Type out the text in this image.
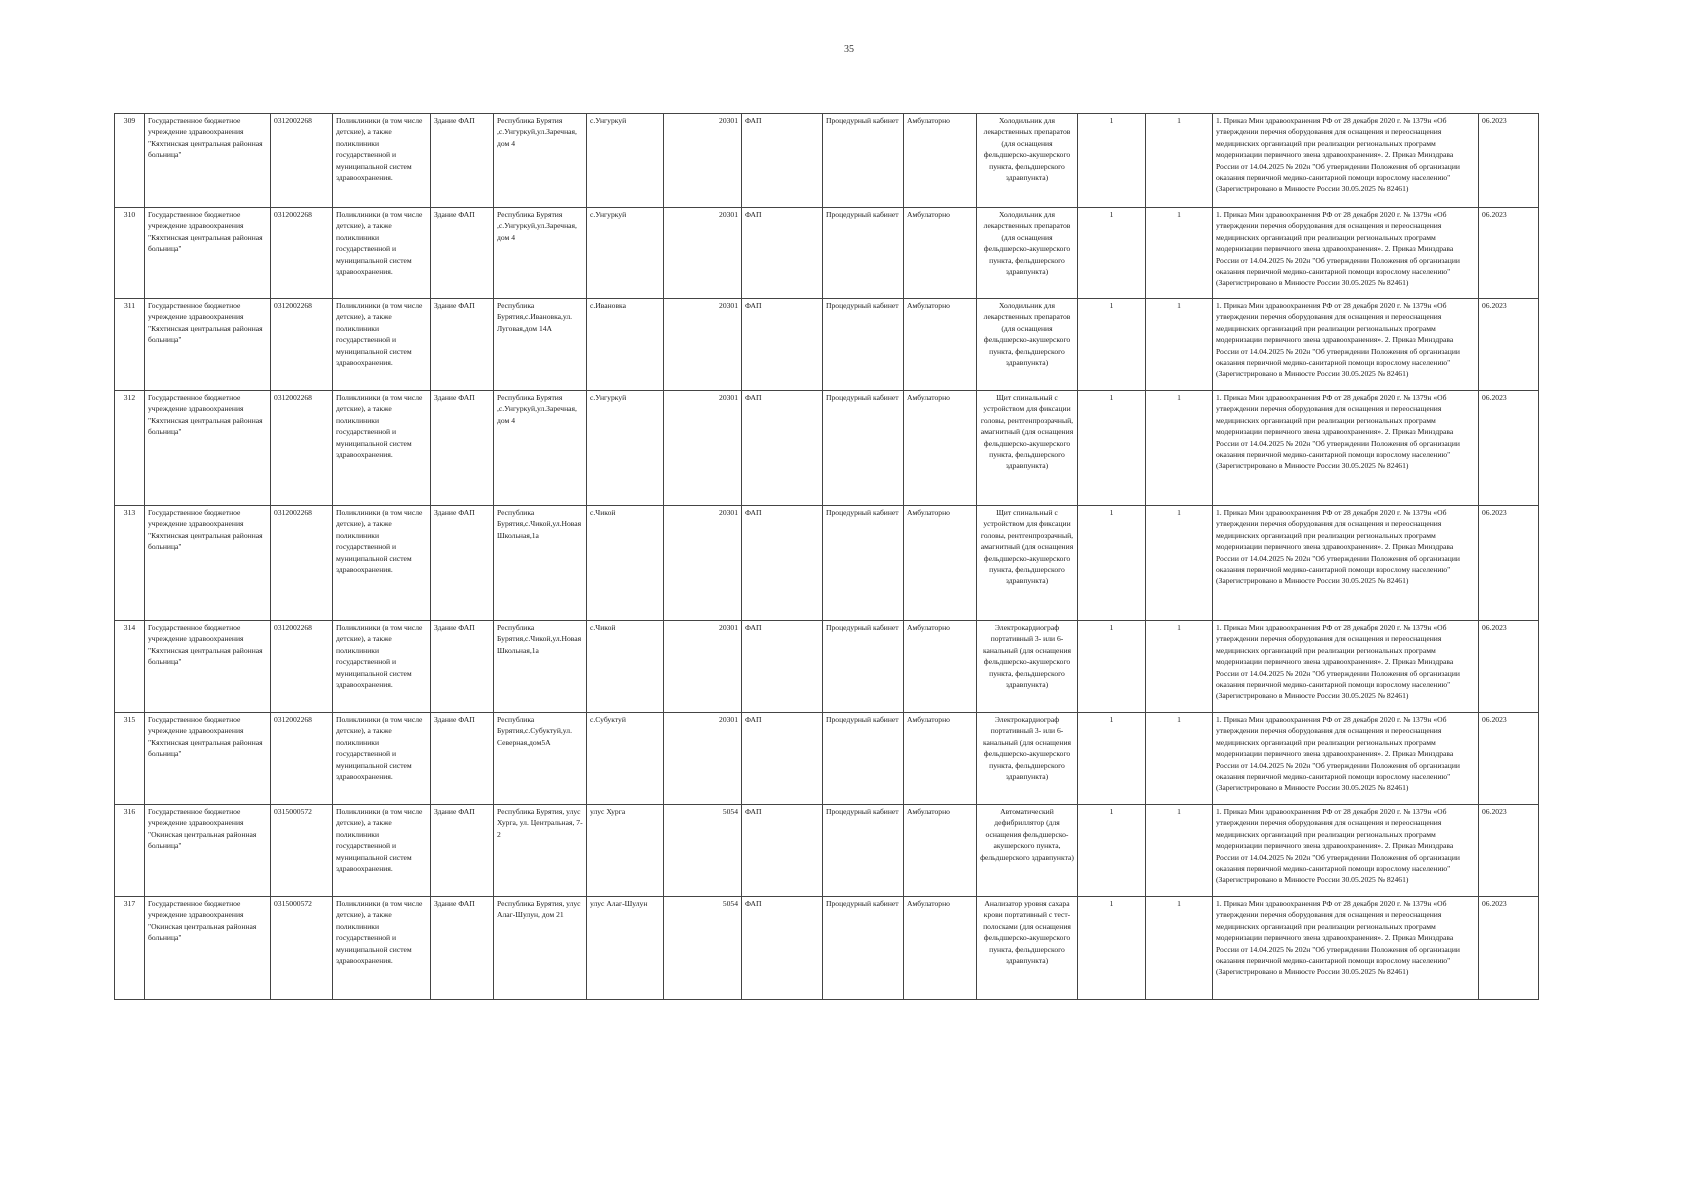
35
309	Государственное бюджетное учреждение здравоохранения "Кяхтинская центральная районная больница"	0312002268	Поликлиники (в том числе детские), а также поликлиники государственной и муниципальной систем здравоохранения.	Здание ФАП	Республика Бурятия ,с.Унгуркуй,ул.Заречная, дом 4	с.Унгуркуй	20301	ФАП	Процедурный кабинет	Амбулаторно	Холодильник для лекарственных препаратов (для оснащения фельдшерско-акушерского пункта, фельдшерского здравпункта)	1	1	1. Приказ Мин здравоохранения РФ от 28 декабря 2020 г. № 1379н «Об утверждении перечня оборудования для оснащения и переоснащения медицинских организаций при реализации региональных программ модернизации первичного звена здравоохранения». 2. Приказ Минздрава России от 14.04.2025 № 202н "Об утверждении Положения об организации оказания первичной медико-санитарной помощи взрослому населению" (Зарегистрировано в Минюсте России 30.05.2025 № 82461)	06.2023
310	Государственное бюджетное учреждение здравоохранения "Кяхтинская центральная районная больница"	0312002268	Поликлиники (в том числе детские), а также поликлиники государственной и муниципальной систем здравоохранения.	Здание ФАП	Республика Бурятия ,с.Унгуркуй,ул.Заречная, дом 4	с.Унгуркуй	20301	ФАП	Процедурный кабинет	Амбулаторно	Холодильник для лекарственных препаратов (для оснащения фельдшерско-акушерского пункта, фельдшерского здравпункта)	1	1	1. Приказ Мин здравоохранения РФ от 28 декабря 2020 г. № 1379н «Об утверждении перечня оборудования для оснащения и переоснащения медицинских организаций при реализации региональных программ модернизации первичного звена здравоохранения». 2. Приказ Минздрава России от 14.04.2025 № 202н "Об утверждении Положения об организации оказания первичной медико-санитарной помощи взрослому населению" (Зарегистрировано в Минюсте России 30.05.2025 № 82461)	06.2023
311	Государственное бюджетное учреждение здравоохранения "Кяхтинская центральная районная больница"	0312002268	Поликлиники (в том числе детские), а также поликлиники государственной и муниципальной систем здравоохранения.	Здание ФАП	Республика Бурятия,с.Ивановка,ул. Луговая,дом 14А	с.Ивановка	20301	ФАП	Процедурный кабинет	Амбулаторно	Холодильник для лекарственных препаратов (для оснащения фельдшерско-акушерского пункта, фельдшерского здравпункта)	1	1	1. Приказ Мин здравоохранения РФ от 28 декабря 2020 г. № 1379н «Об утверждении перечня оборудования для оснащения и переоснащения медицинских организаций при реализации региональных программ модернизации первичного звена здравоохранения». 2. Приказ Минздрава России от 14.04.2025 № 202н "Об утверждении Положения об организации оказания первичной медико-санитарной помощи взрослому населению" (Зарегистрировано в Минюсте России 30.05.2025 № 82461)	06.2023
312	Государственное бюджетное учреждение здравоохранения "Кяхтинская центральная районная больница"	0312002268	Поликлиники (в том числе детские), а также поликлиники государственной и муниципальной систем здравоохранения.	Здание ФАП	Республика Бурятия ,с.Унгуркуй,ул.Заречная, дом 4	с.Унгуркуй	20301	ФАП	Процедурный кабинет	Амбулаторно	Щит спинальный с устройством для фиксации головы, рентгенпрозрачный, амагнитный (для оснащения фельдшерско-акушерского пункта, фельдшерского здравпункта)	1	1	1. Приказ Мин здравоохранения РФ от 28 декабря 2020 г. № 1379н «Об утверждении перечня оборудования для оснащения и переоснащения медицинских организаций при реализации региональных программ модернизации первичного звена здравоохранения». 2. Приказ Минздрава России от 14.04.2025 № 202н "Об утверждении Положения об организации оказания первичной медико-санитарной помощи взрослому населению" (Зарегистрировано в Минюсте России 30.05.2025 № 82461)	06.2023
313	Государственное бюджетное учреждение здравоохранения "Кяхтинская центральная районная больница"	0312002268	Поликлиники (в том числе детские), а также поликлиники государственной и муниципальной систем здравоохранения.	Здание ФАП	Республика Бурятия,с.Чикой,ул.Новая Школьная,1а	с.Чикой	20301	ФАП	Процедурный кабинет	Амбулаторно	Щит спинальный с устройством для фиксации головы, рентгенпрозрачный, амагнитный (для оснащения фельдшерско-акушерского пункта, фельдшерского здравпункта)	1	1	1. Приказ Мин здравоохранения РФ от 28 декабря 2020 г. № 1379н «Об утверждении перечня оборудования для оснащения и переоснащения медицинских организаций при реализации региональных программ модернизации первичного звена здравоохранения». 2. Приказ Минздрава России от 14.04.2025 № 202н "Об утверждении Положения об организации оказания первичной медико-санитарной помощи взрослому населению" (Зарегистрировано в Минюсте России 30.05.2025 № 82461)	06.2023
314	Государственное бюджетное учреждение здравоохранения "Кяхтинская центральная районная больница"	0312002268	Поликлиники (в том числе детские), а также поликлиники государственной и муниципальной систем здравоохранения.	Здание ФАП	Республика Бурятия,с.Чикой,ул.Новая Школьная,1а	с.Чикой	20301	ФАП	Процедурный кабинет	Амбулаторно	Электрокардиограф портативный 3- или 6-канальный (для оснащения фельдшерско-акушерского пункта, фельдшерского здравпункта)	1	1	1. Приказ Мин здравоохранения РФ от 28 декабря 2020 г. № 1379н «Об утверждении перечня оборудования для оснащения и переоснащения медицинских организаций при реализации региональных программ модернизации первичного звена здравоохранения». 2. Приказ Минздрава России от 14.04.2025 № 202н "Об утверждении Положения об организации оказания первичной медико-санитарной помощи взрослому населению" (Зарегистрировано в Минюсте России 30.05.2025 № 82461)	06.2023
315	Государственное бюджетное учреждение здравоохранения "Кяхтинская центральная районная больница"	0312002268	Поликлиники (в том числе детские), а также поликлиники государственной и муниципальной систем здравоохранения.	Здание ФАП	Республика Бурятия,с.Субуктуй,ул. Северная,дом5А	с.Субуктуй	20301	ФАП	Процедурный кабинет	Амбулаторно	Электрокардиограф портативный 3- или 6-канальный (для оснащения фельдшерско-акушерского пункта, фельдшерского здравпункта)	1	1	1. Приказ Мин здравоохранения РФ от 28 декабря 2020 г. № 1379н «Об утверждении перечня оборудования для оснащения и переоснащения медицинских организаций при реализации региональных программ модернизации первичного звена здравоохранения». 2. Приказ Минздрава России от 14.04.2025 № 202н "Об утверждении Положения об организации оказания первичной медико-санитарной помощи взрослому населению" (Зарегистрировано в Минюсте России 30.05.2025 № 82461)	06.2023
316	Государственное бюджетное учреждение здравоохранения "Окинская центральная районная больница"	0315000572	Поликлиники (в том числе детские), а также поликлиники государственной и муниципальной систем здравоохранения.	Здание ФАП	Республика Бурятия, улус Хурга, ул. Центральная, 7-2	улус Хурга	5054	ФАП	Процедурный кабинет	Амбулаторно	Автоматический дефибриллятор (для оснащения фельдшерско-акушерского пункта, фельдшерского здравпункта)	1	1	1. Приказ Мин здравоохранения РФ от 28 декабря 2020 г. № 1379н «Об утверждении перечня оборудования для оснащения и переоснащения медицинских организаций при реализации региональных программ модернизации первичного звена здравоохранения». 2. Приказ Минздрава России от 14.04.2025 № 202н "Об утверждении Положения об организации оказания первичной медико-санитарной помощи взрослому населению" (Зарегистрировано в Минюсте России 30.05.2025 № 82461)	06.2023
317	Государственное бюджетное учреждение здравоохранения "Окинская центральная районная больница"	0315000572	Поликлиники (в том числе детские), а также поликлиники государственной и муниципальной систем здравоохранения.	Здание ФАП	Республика Бурятия, улус Алаг-Шулун, дом 21	улус Алаг-Шулун	5054	ФАП	Процедурный кабинет	Амбулаторно	Анализатор уровня сахара крови портативный с тест-полосками (для оснащения фельдшерско-акушерского пункта, фельдшерского здравпункта)	1	1	1. Приказ Мин здравоохранения РФ от 28 декабря 2020 г. № 1379н «Об утверждении перечня оборудования для оснащения и переоснащения медицинских организаций при реализации региональных программ модернизации первичного звена здравоохранения». 2. Приказ Минздрава России от 14.04.2025 № 202н "Об утверждении Положения об организации оказания первичной медико-санитарной помощи взрослому населению" (Зарегистрировано в Минюсте России 30.05.2025 № 82461)	06.2023
